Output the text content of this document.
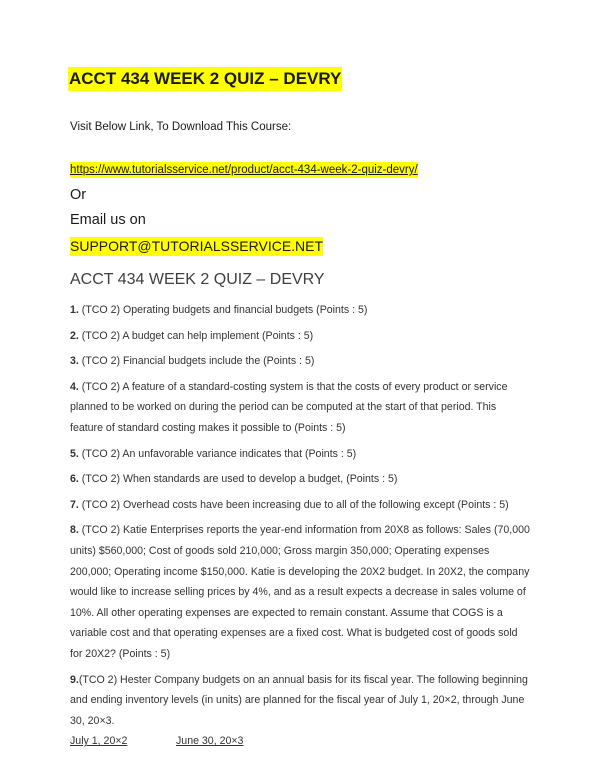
ACCT 434 WEEK 2 QUIZ – DEVRY
Visit Below Link, To Download This Course:
https://www.tutorialsservice.net/product/acct-434-week-2-quiz-devry/
Or
Email us on
SUPPORT@TUTORIALSSERVICE.NET
ACCT 434 WEEK 2 QUIZ – DEVRY
1. (TCO 2) Operating budgets and financial budgets (Points : 5)
2. (TCO 2) A budget can help implement (Points : 5)
3. (TCO 2) Financial budgets include the (Points : 5)
4. (TCO 2) A feature of a standard-costing system is that the costs of every product or service planned to be worked on during the period can be computed at the start of that period. This feature of standard costing makes it possible to (Points : 5)
5. (TCO 2) An unfavorable variance indicates that (Points : 5)
6. (TCO 2) When standards are used to develop a budget, (Points : 5)
7. (TCO 2) Overhead costs have been increasing due to all of the following except (Points : 5)
8. (TCO 2) Katie Enterprises reports the year-end information from 20X8 as follows: Sales (70,000 units) $560,000; Cost of goods sold 210,000; Gross margin 350,000; Operating expenses 200,000; Operating income $150,000. Katie is developing the 20X2 budget. In 20X2, the company would like to increase selling prices by 4%, and as a result expects a decrease in sales volume of 10%. All other operating expenses are expected to remain constant. Assume that COGS is a variable cost and that operating expenses are a fixed cost. What is budgeted cost of goods sold for 20X2? (Points : 5)
9.(TCO 2) Hester Company budgets on an annual basis for its fiscal year. The following beginning and ending inventory levels (in units) are planned for the fiscal year of July 1, 20×2, through June 30, 20×3.
July 1, 20×2	June 30, 20×3
